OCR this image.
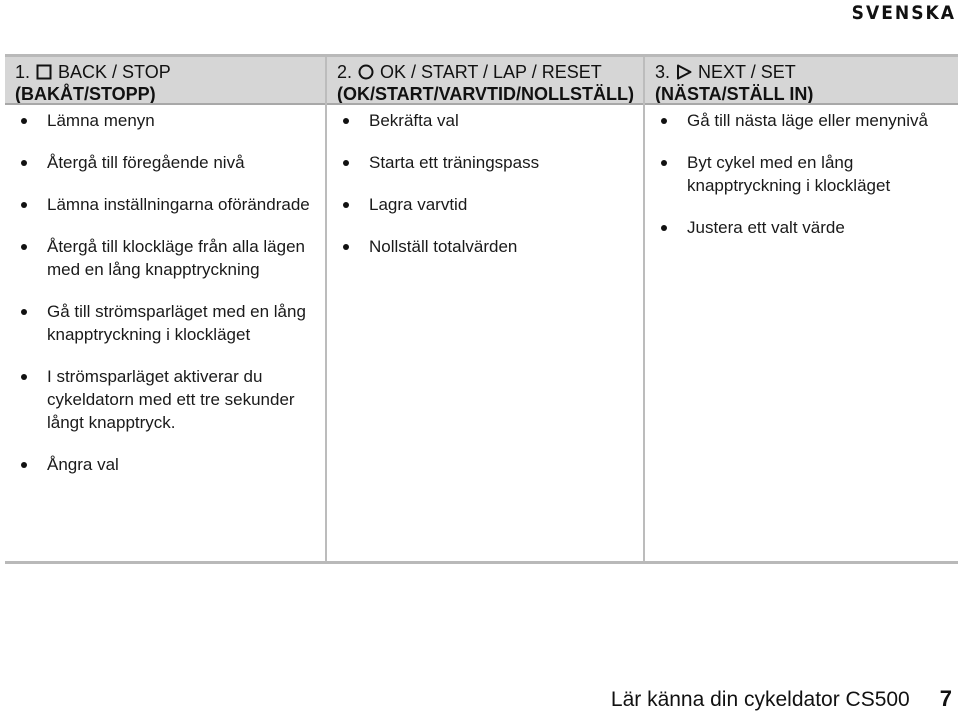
SVENSKA
1. BACK / STOP
(BAKÅT/STOPP)
Lämna menyn
Återgå till föregående nivå
Lämna inställningarna oförändrade
Återgå till klockläge från alla lägen med en lång knapptryckning
Gå till strömsparläget med en lång knapptryckning i klockläget
I strömsparläget aktiverar du cykeldatorn med ett tre sekunder långt knapptryck.
Ångra val
2. OK / START / LAP / RESET
(OK/START/VARVTID/NOLLSTÄLL)
Bekräfta val
Starta ett träningspass
Lagra varvtid
Nollställ totalvärden
3. NEXT / SET
(NÄSTA/STÄLL IN)
Gå till nästa läge eller menynivå
Byt cykel med en lång knapptryckning i klockläget
Justera ett valt värde
Lär känna din cykeldator CS500 7
